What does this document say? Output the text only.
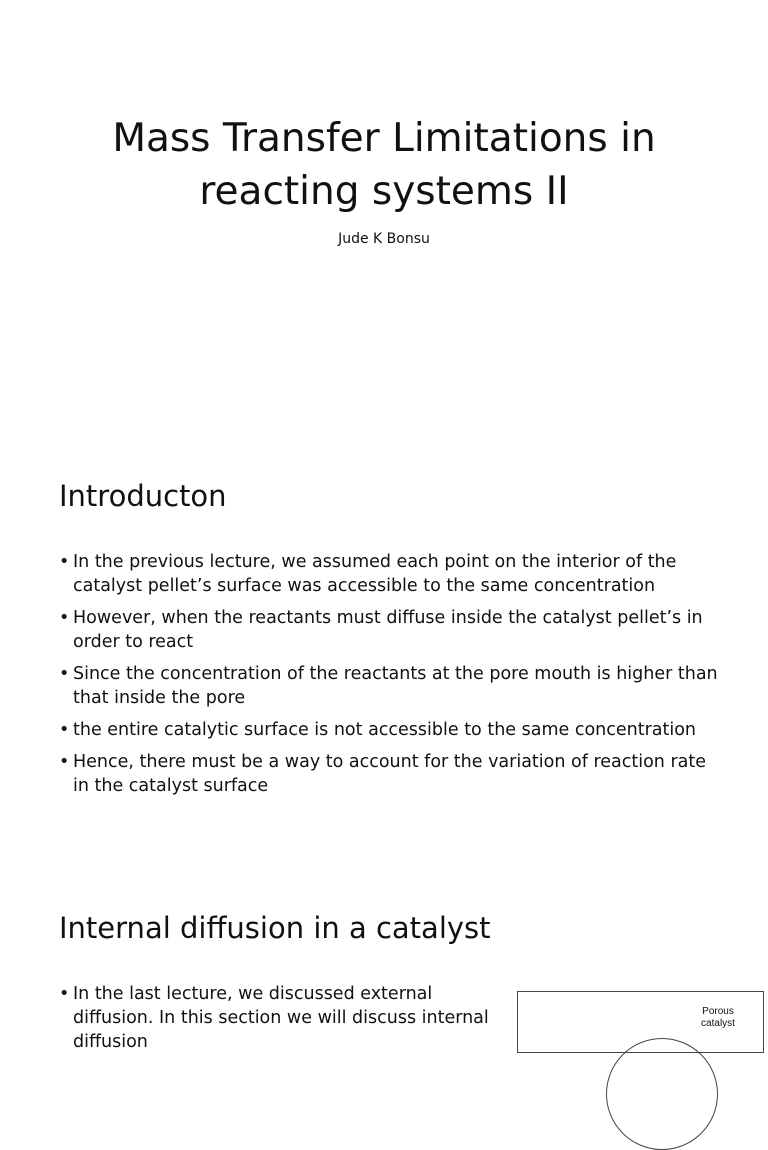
Mass Transfer Limitations in reacting systems II

Jude K Bonsu

Introducton
• In the previous lecture, we assumed each point on the interior of the catalyst pellet’s surface was accessible to the same concentration
• However, when the reactants must diffuse inside the catalyst pellet’s in order to react
• Since the concentration of the reactants at the pore mouth is higher than that inside the pore
• the entire catalytic surface is not accessible to the same concentration
• Hence, there must be a way to account for the variation of reaction rate in the catalyst surface
Internal diffusion in a catalyst
• In the last lecture, we discussed external diffusion. In this section we will discuss internal diffusion
Porous catalyst
